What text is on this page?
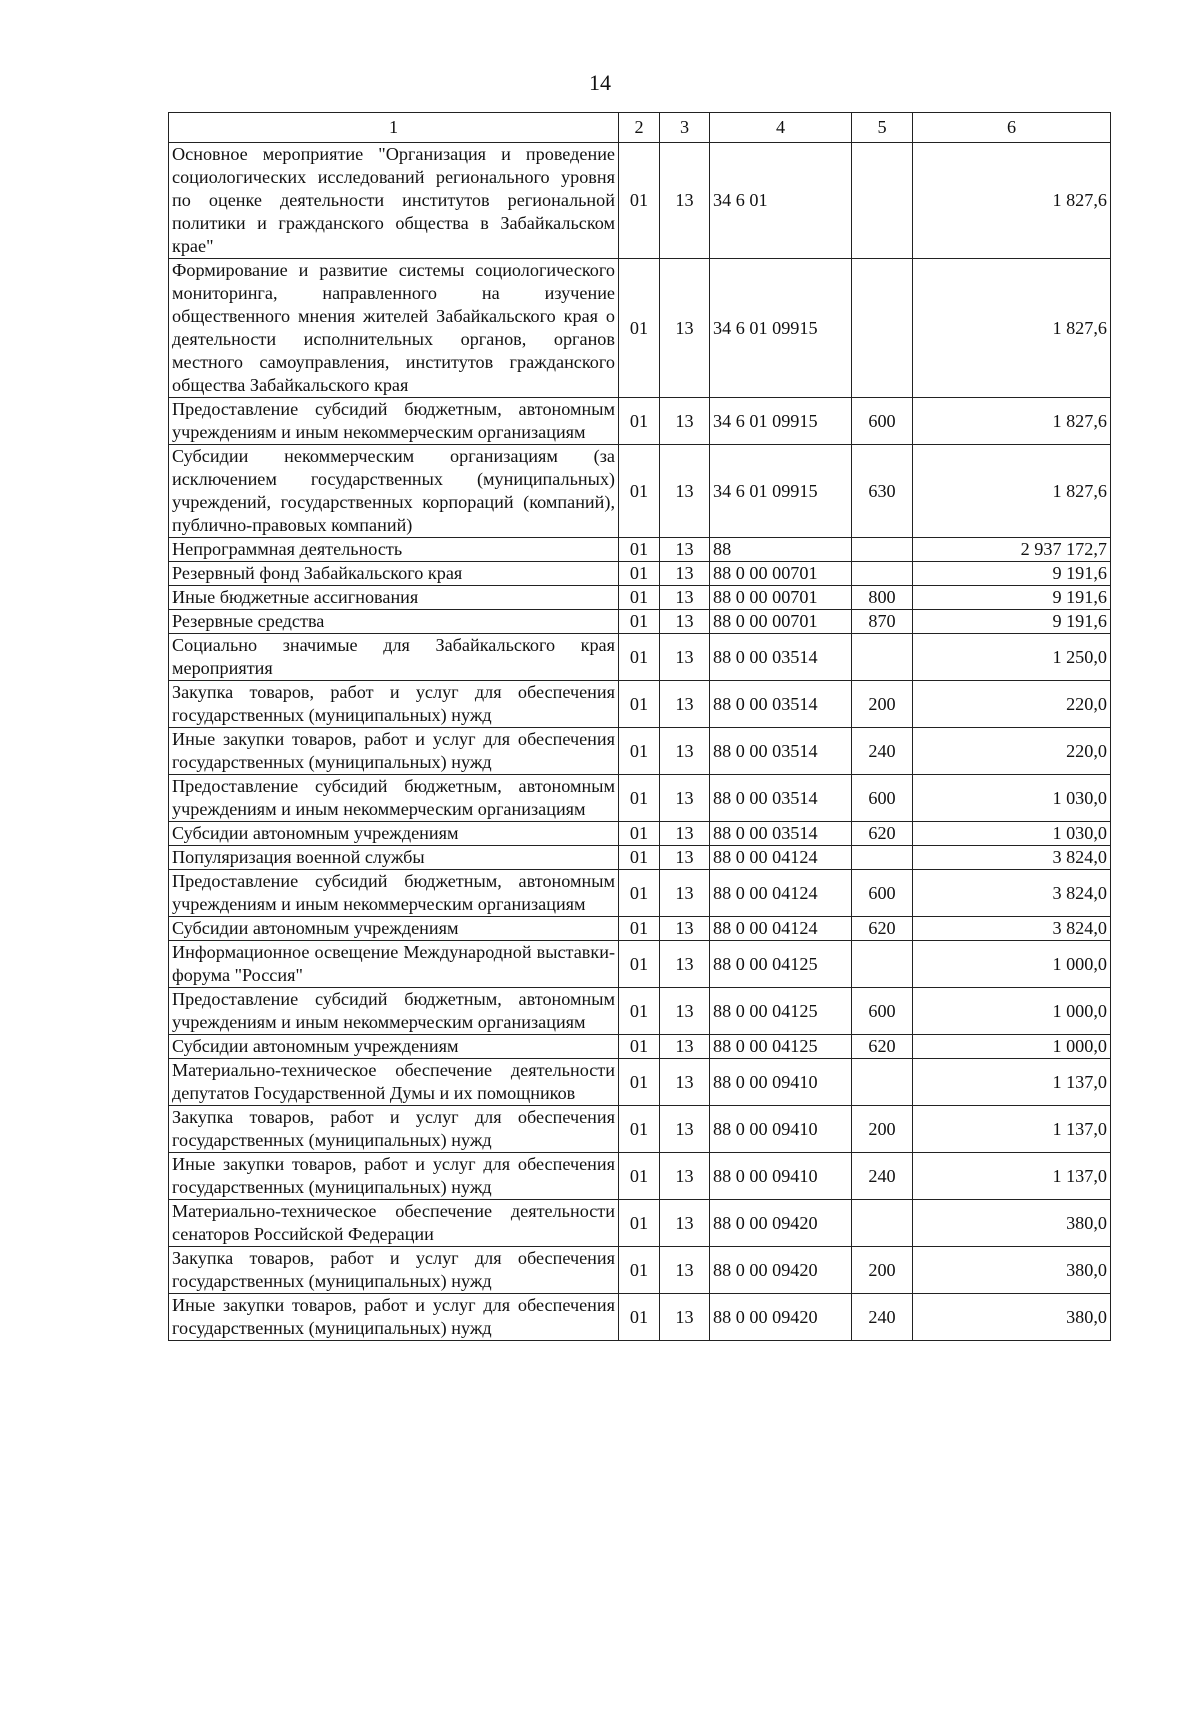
14
1	2	3	4	5	6
Основное мероприятие "Организация и проведение социологических исследований регионального уровня по оценке деятельности институтов региональной политики и гражданского общества в Забайкальском крае"	01	13	34 6 01		1 827,6
Формирование и развитие системы социологического мониторинга, направленного на изучение общественного мнения жителей Забайкальского края о деятельности исполнительных органов, органов местного самоуправления, институтов гражданского общества Забайкальского края	01	13	34 6 01 09915		1 827,6
Предоставление субсидий бюджетным, автономным учреждениям и иным некоммерческим организациям	01	13	34 6 01 09915	600	1 827,6
Субсидии некоммерческим организациям (за исключением государственных (муниципальных) учреждений, государственных корпораций (компаний), публично-правовых компаний)	01	13	34 6 01 09915	630	1 827,6
Непрограммная деятельность	01	13	88		2 937 172,7
Резервный фонд Забайкальского края	01	13	88 0 00 00701		9 191,6
Иные бюджетные ассигнования	01	13	88 0 00 00701	800	9 191,6
Резервные средства	01	13	88 0 00 00701	870	9 191,6
Социально значимые для Забайкальского края мероприятия	01	13	88 0 00 03514		1 250,0
Закупка товаров, работ и услуг для обеспечения государственных (муниципальных) нужд	01	13	88 0 00 03514	200	220,0
Иные закупки товаров, работ и услуг для обеспечения государственных (муниципальных) нужд	01	13	88 0 00 03514	240	220,0
Предоставление субсидий бюджетным, автономным учреждениям и иным некоммерческим организациям	01	13	88 0 00 03514	600	1 030,0
Субсидии автономным учреждениям	01	13	88 0 00 03514	620	1 030,0
Популяризация военной службы	01	13	88 0 00 04124		3 824,0
Предоставление субсидий бюджетным, автономным учреждениям и иным некоммерческим организациям	01	13	88 0 00 04124	600	3 824,0
Субсидии автономным учреждениям	01	13	88 0 00 04124	620	3 824,0
Информационное освещение Международной выставки-форума "Россия"	01	13	88 0 00 04125		1 000,0
Предоставление субсидий бюджетным, автономным учреждениям и иным некоммерческим организациям	01	13	88 0 00 04125	600	1 000,0
Субсидии автономным учреждениям	01	13	88 0 00 04125	620	1 000,0
Материально-техническое обеспечение деятельности депутатов Государственной Думы и их помощников	01	13	88 0 00 09410		1 137,0
Закупка товаров, работ и услуг для обеспечения государственных (муниципальных) нужд	01	13	88 0 00 09410	200	1 137,0
Иные закупки товаров, работ и услуг для обеспечения государственных (муниципальных) нужд	01	13	88 0 00 09410	240	1 137,0
Материально-техническое обеспечение деятельности сенаторов Российской Федерации	01	13	88 0 00 09420		380,0
Закупка товаров, работ и услуг для обеспечения государственных (муниципальных) нужд	01	13	88 0 00 09420	200	380,0
Иные закупки товаров, работ и услуг для обеспечения государственных (муниципальных) нужд	01	13	88 0 00 09420	240	380,0
